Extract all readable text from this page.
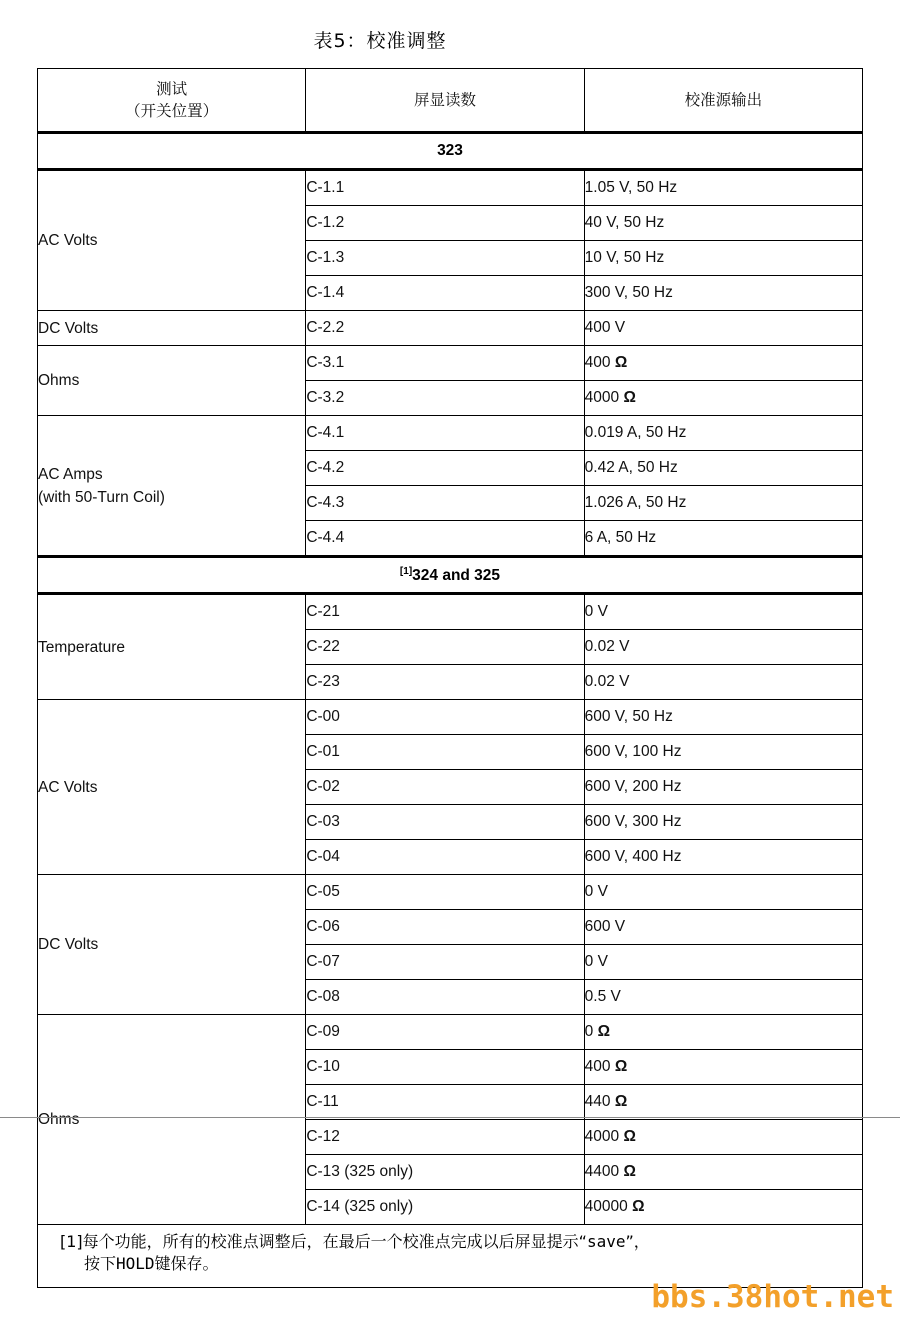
表5：校准调整
测试
（开关位置）	屏显读数	校准源输出
323		
AC Volts	C-1.1	1.05 V, 50 Hz
	C-1.2	40 V, 50 Hz
	C-1.3	10 V, 50 Hz
	C-1.4	300 V, 50 Hz
DC Volts	C-2.2	400 V
Ohms	C-3.1	400 Ω
	C-3.2	4000 Ω
AC Amps
(with 50-Turn Coil)	C-4.1	0.019 A, 50 Hz
	C-4.2	0.42 A, 50 Hz
	C-4.3	1.026 A, 50 Hz
	C-4.4	6 A, 50 Hz
[1]324 and 325		
Temperature	C-21	0 V
	C-22	0.02 V
	C-23	0.02 V
AC Volts	C-00	600 V, 50 Hz
	C-01	600 V, 100 Hz
	C-02	600 V, 200 Hz
	C-03	600 V, 300 Hz
	C-04	600 V, 400 Hz
DC Volts	C-05	0 V
	C-06	600 V
	C-07	0 V
	C-08	0.5 V
Ohms	C-09	0 Ω
	C-10	400 Ω
	C-11	440 Ω
	C-12	4000 Ω
	C-13 (325 only)	4400 Ω
	C-14 (325 only)	40000 Ω
[1]每个功能，所有的校准点调整后，在最后一个校准点完成以后屏显提示“save”，
按下HOLD键保存。		
bbs.38hot.net
